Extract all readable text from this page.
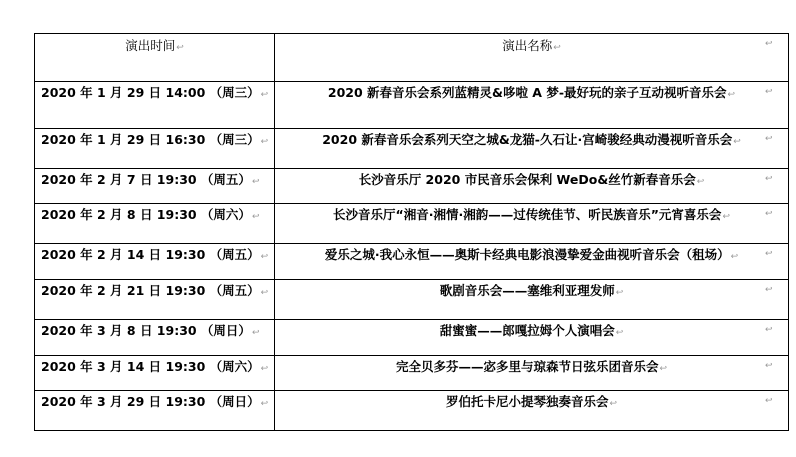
演出时间↩	演出名称↩
2020 年 1 月 29 日 14:00 （周三）↩	2020 新春音乐会系列蓝精灵&哆啦 A 梦-最好玩的亲子互动视听音乐会↩
2020 年 1 月 29 日 16:30 （周三）↩	2020 新春音乐会系列天空之城&龙猫-久石让·宫崎骏经典动漫视听音乐会↩
2020 年 2 月 7 日 19:30 （周五）↩	长沙音乐厅 2020 市民音乐会保利 WeDo&丝竹新春音乐会↩
2020 年 2 月 8 日 19:30 （周六）↩	长沙音乐厅“湘音·湘情·湘韵——过传统佳节、听民族音乐”元宵喜乐会↩
2020 年 2 月 14 日 19:30 （周五）↩	爱乐之城·我心永恒——奥斯卡经典电影浪漫挚爱金曲视听音乐会（租场）↩
2020 年 2 月 21 日 19:30 （周五）↩	歌剧音乐会——塞维利亚理发师↩
2020 年 3 月 8 日 19:30 （周日）↩	甜蜜蜜——郎嘎拉姆个人演唱会↩
2020 年 3 月 14 日 19:30 （周六）↩	完全贝多芬——宓多里与琼森节日弦乐团音乐会↩
2020 年 3 月 29 日 19:30 （周日）↩	罗伯托卡尼小提琴独奏音乐会↩
↩
↩
↩
↩
↩
↩
↩
↩
↩
↩
